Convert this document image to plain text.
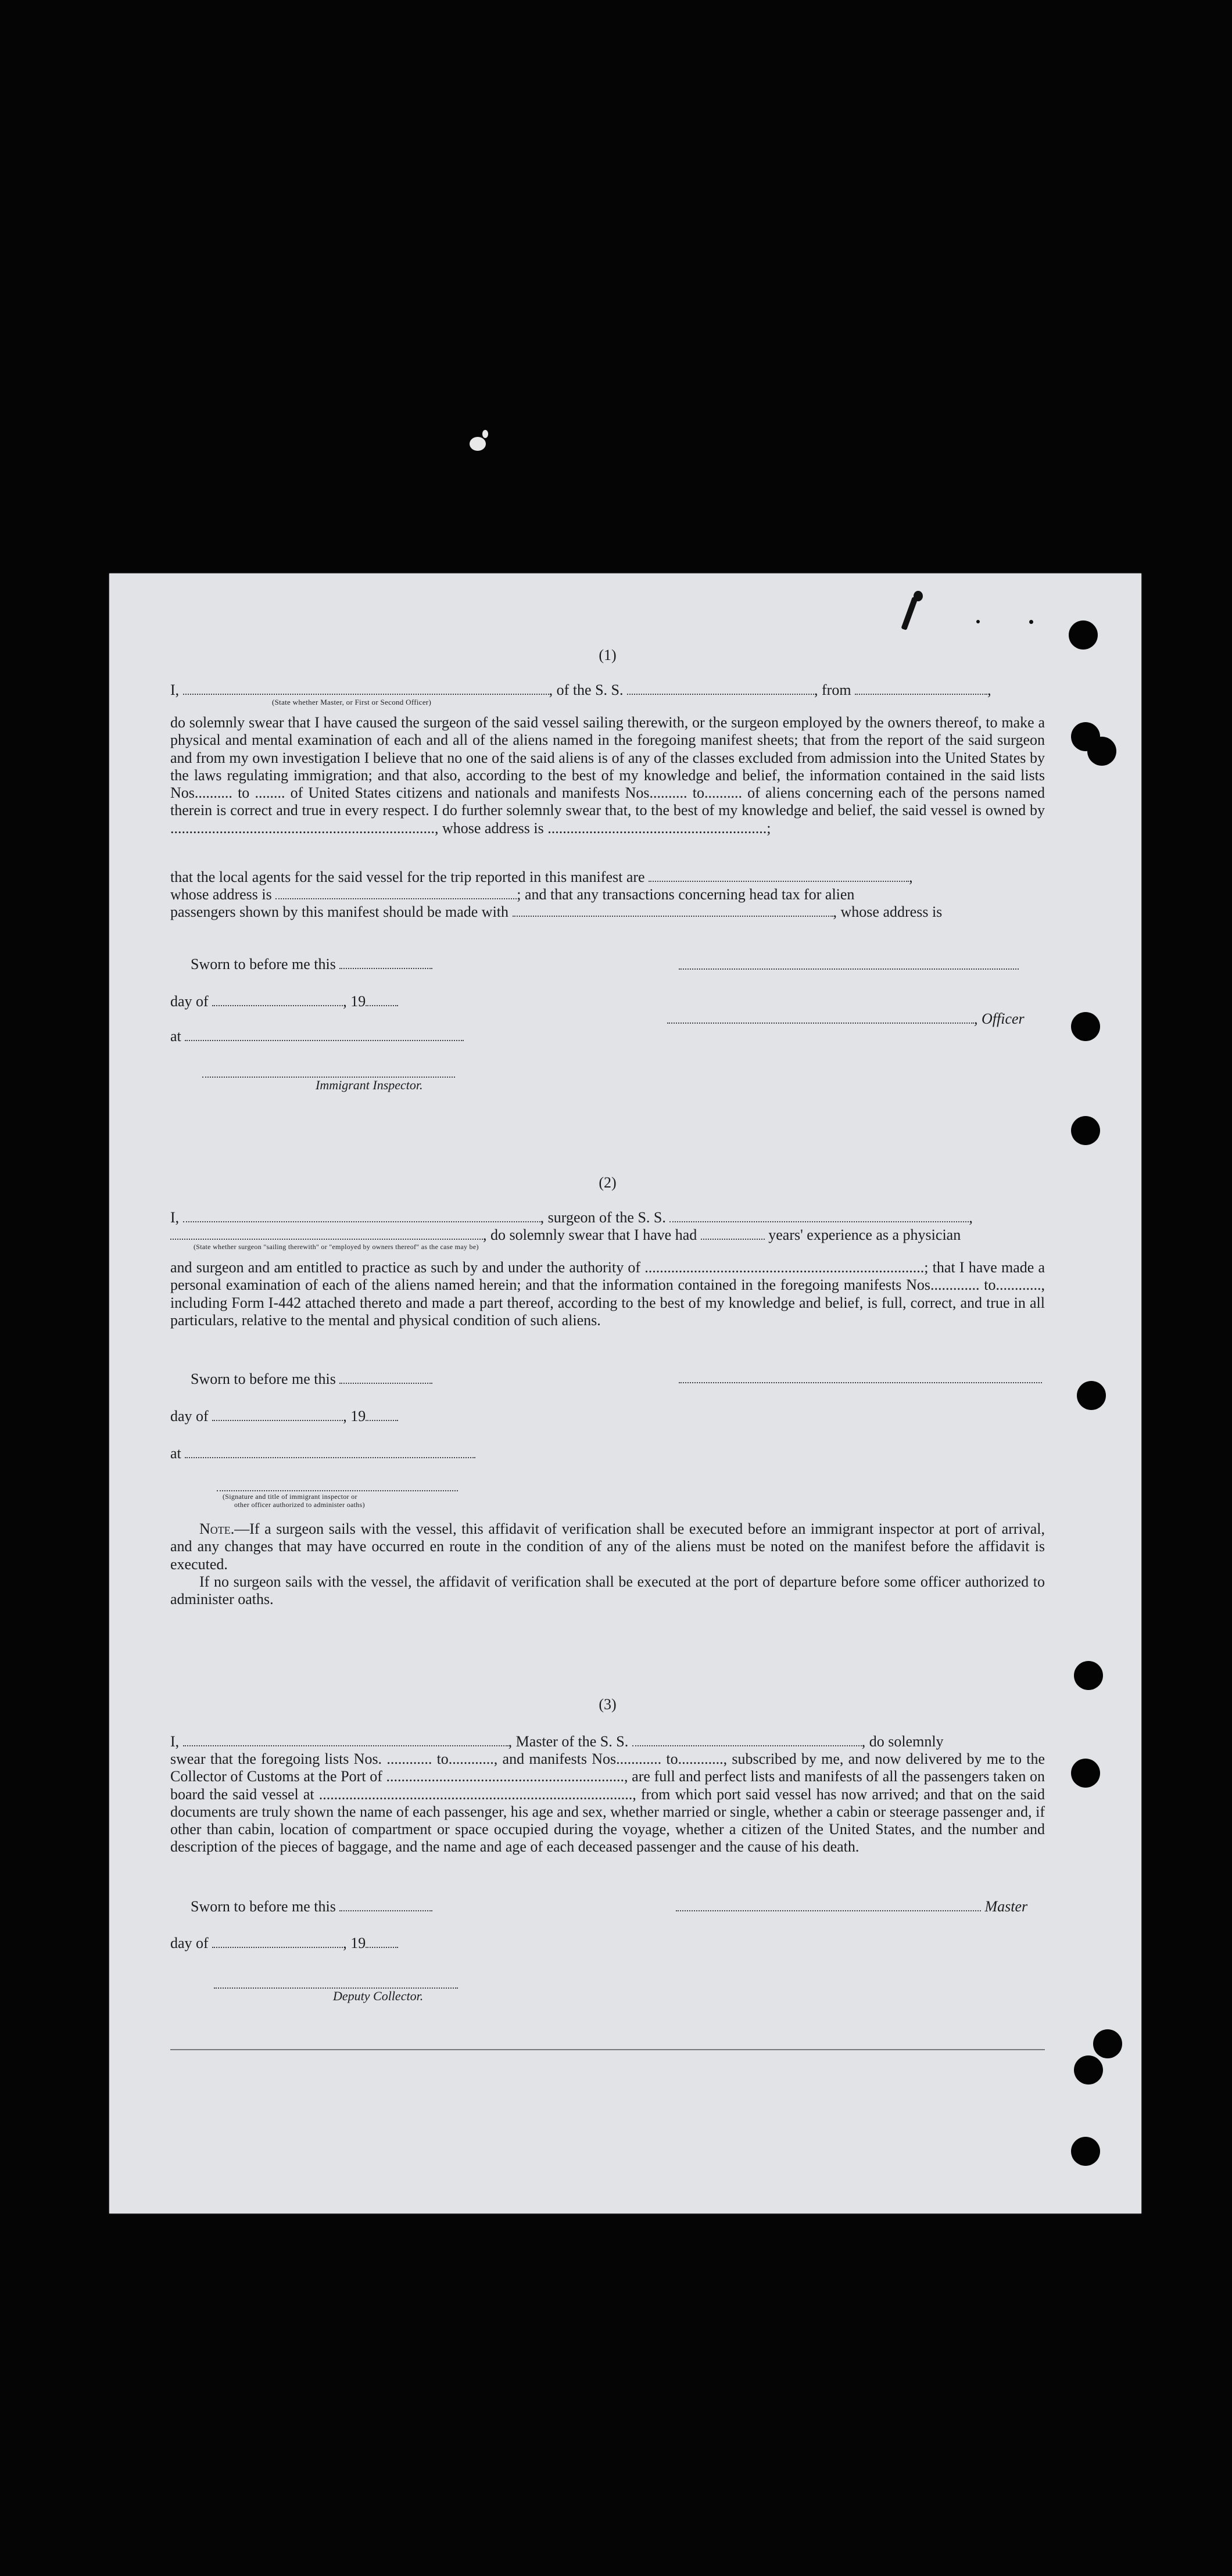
(1)
I,	, of the S. S.	, from	,
(State whether Master, or First or Second Officer)
do solemnly swear that I have caused the surgeon of the said vessel sailing therewith, or the surgeon employed by the owners thereof, to make a physical and mental examination of each and all of the aliens named in the foregoing manifest sheets; that from the report of the said surgeon and from my own investigation I believe that no one of the said aliens is of any of the classes excluded from admission into the United States by the laws regulating immigration; and that also, according to the best of my knowledge and belief, the information contained in the said lists Nos.......... to ........ of United States citizens and nationals and manifests Nos.......... to.......... of aliens concerning each of the persons named therein is correct and true in every respect. I do further solemnly swear that, to the best of my knowledge and belief, the said vessel is owned by ......................................................................, whose address is ..........................................................;
that the local agents for the said vessel for the trip reported in this manifest are	,
whose address is	; and that any transactions concerning head tax for alien
passengers shown by this manifest should be made with	, whose address is
Sworn to before me this
day of	, 19
, Officer
at
Immigrant Inspector.
(2)
I,	, surgeon of the S. S.	,
, do solemnly swear that I have had	years' experience as a physician
(State whether surgeon "sailing therewith" or "employed by owners thereof" as the case may be)
and surgeon and am entitled to practice as such by and under the authority of ..........................................................................; that I have made a personal examination of each of the aliens named herein; and that the information contained in the foregoing manifests Nos............. to............, including Form I-442 attached thereto and made a part thereof, according to the best of my knowledge and belief, is full, correct, and true in all particulars, relative to the mental and physical condition of such aliens.
Sworn to before me this
day of	, 19
at
(Signature and title of immigrant inspector or
other officer authorized to administer oaths)
Note.—If a surgeon sails with the vessel, this affidavit of verification shall be executed before an immigrant inspector at port of arrival, and any changes that may have occurred en route in the condition of any of the aliens must be noted on the manifest before the affidavit is executed.
If no surgeon sails with the vessel, the affidavit of verification shall be executed at the port of departure before some officer authorized to administer oaths.
(3)
I,	, Master of the S. S.	, do solemnly
swear that the foregoing lists Nos. ............ to............, and manifests Nos............ to............, subscribed by me, and now delivered by me to the Collector of Customs at the Port of ..............................................................., are full and perfect lists and manifests of all the passengers taken on board the said vessel at ..................................................................................., from which port said vessel has now arrived; and that on the said documents are truly shown the name of each passenger, his age and sex, whether married or single, whether a cabin or steerage passenger and, if other than cabin, location of compartment or space occupied during the voyage, whether a citizen of the United States, and the number and description of the pieces of baggage, and the name and age of each deceased passenger and the cause of his death.
Sworn to before me this	Master
day of	, 19
Deputy Collector.
